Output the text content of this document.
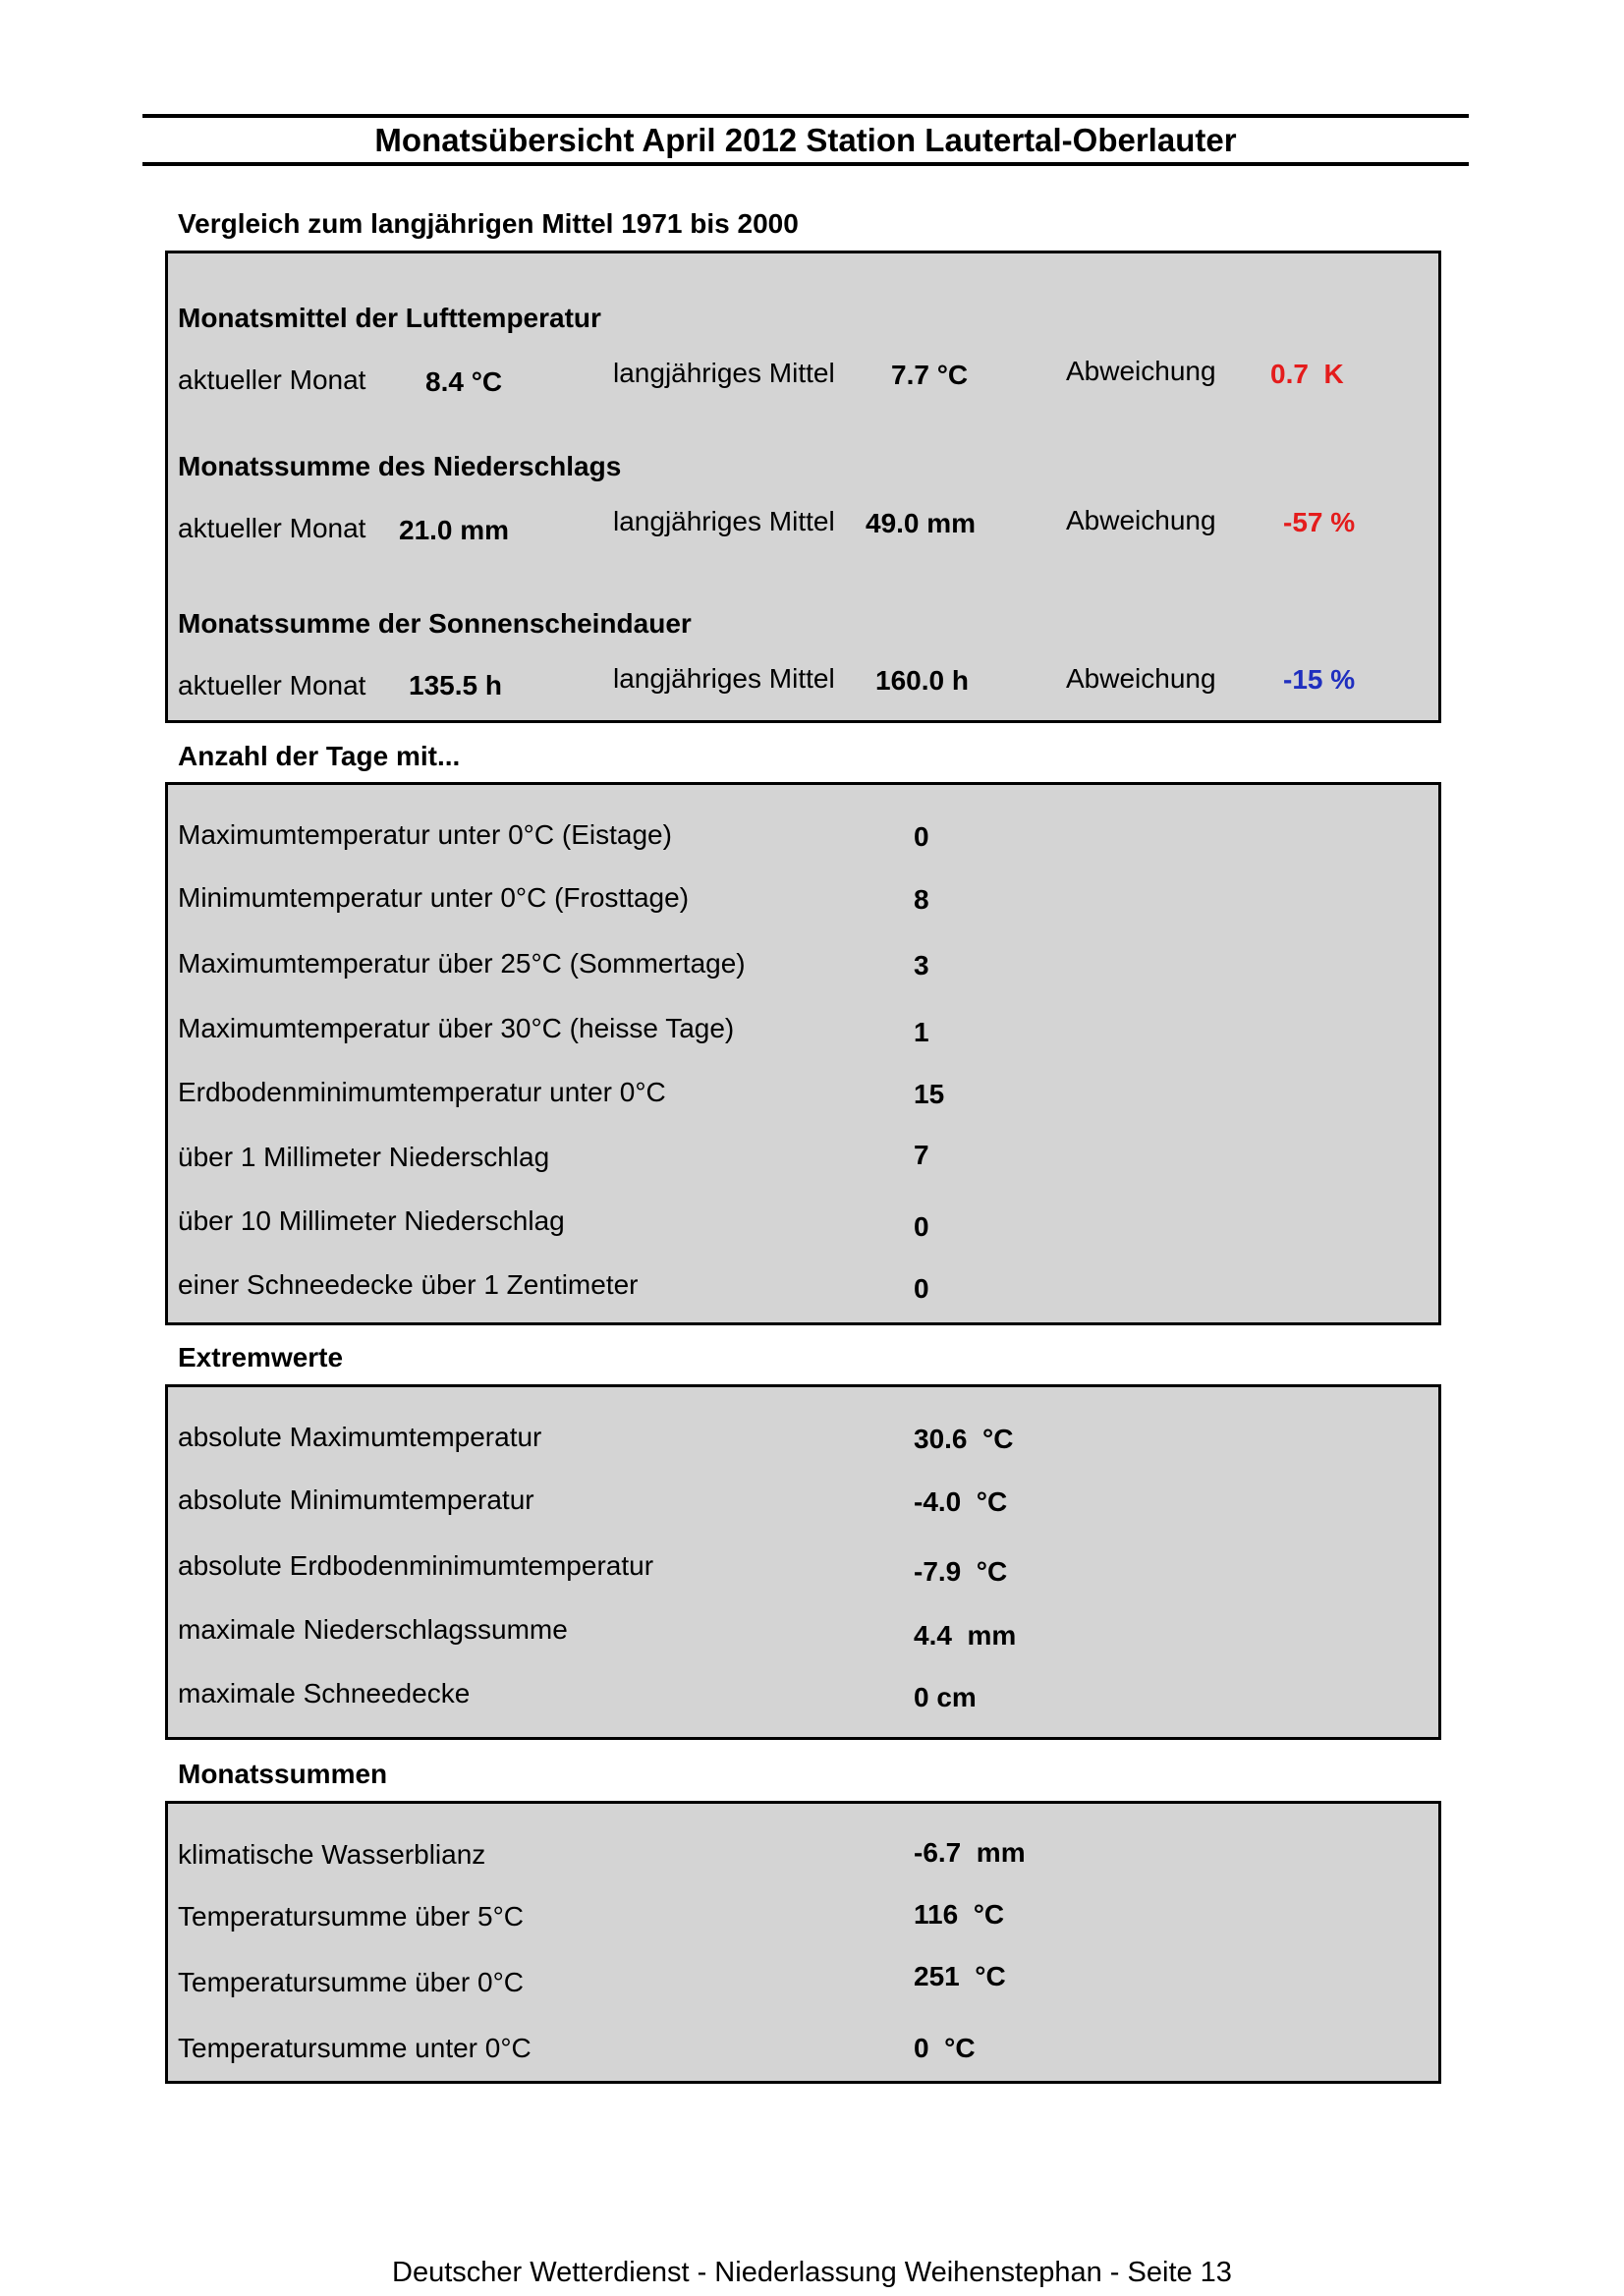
Monatsübersicht April 2012 Station Lautertal-Oberlauter
Vergleich zum langjährigen Mittel 1971 bis 2000
Monatsmittel der Lufttemperatur
aktueller Monat 8.4 °C	langjähriges Mittel 7.7 °C	Abweichung 0.7  K
Monatssumme des Niederschlags
aktueller Monat 21.0 mm	langjähriges Mittel 49.0 mm	Abweichung -57 %
Monatssumme der Sonnenscheindauer
aktueller Monat 135.5 h	langjähriges Mittel 160.0 h	Abweichung -15 %
Anzahl der Tage mit...
Maximumtemperatur unter 0°C (Eistage)	0
Minimumtemperatur unter 0°C (Frosttage)	8
Maximumtemperatur über 25°C (Sommertage)	3
Maximumtemperatur über 30°C (heisse Tage)	1
Erdbodenminimumtemperatur unter 0°C	15
über 1 Millimeter Niederschlag	7
über 10 Millimeter Niederschlag	0
einer Schneedecke über 1 Zentimeter	0
Extremwerte
absolute Maximumtemperatur	30.6  °C
absolute Minimumtemperatur	-4.0  °C
absolute Erdbodenminimumtemperatur	-7.9  °C
maximale Niederschlagssumme	4.4  mm
maximale Schneedecke	0 cm
Monatssummen
klimatische Wasserblianz	-6.7  mm
Temperatursumme über 5°C	116  °C
Temperatursumme über 0°C	251  °C
Temperatursumme unter 0°C	0  °C
Deutscher Wetterdienst - Niederlassung Weihenstephan - Seite 13
